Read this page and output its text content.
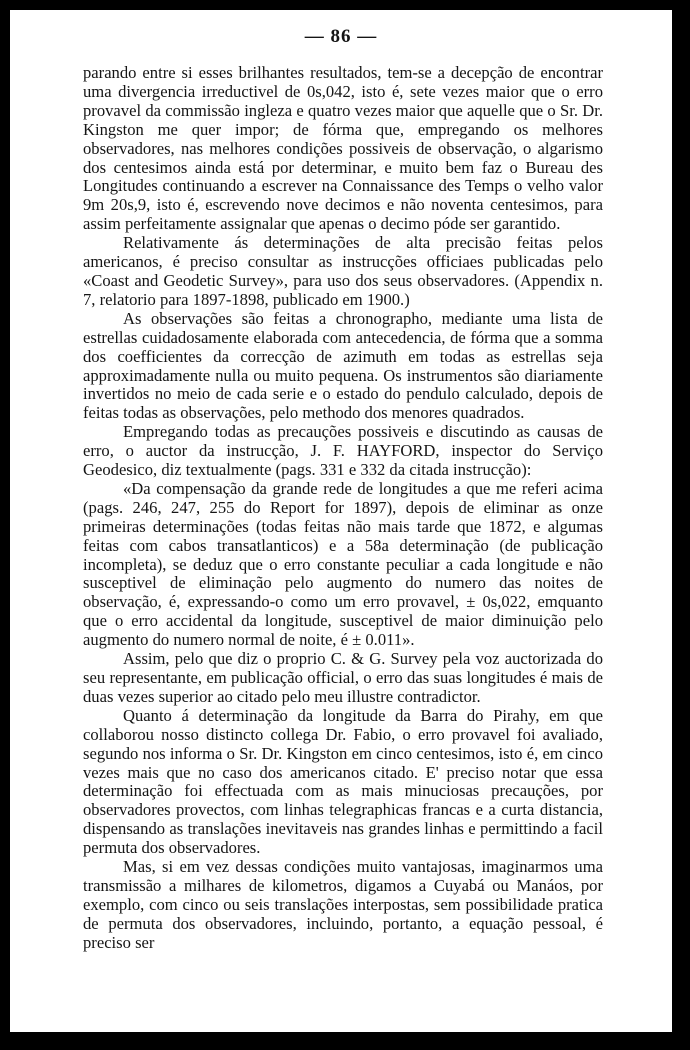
— 86 —

parando entre si esses brilhantes resultados, tem-se a decepção de encontrar uma divergencia irreductivel de 0s,042, isto é, sete vezes maior que o erro provavel da commissão ingleza e quatro vezes maior que aquelle que o Sr. Dr. Kingston me quer impor; de fórma que, empregando os melhores observadores, nas melhores condições possiveis de observação, o algarismo dos centesimos ainda está por determinar, e muito bem faz o Bureau des Longitudes continuando a escrever na Connaissance des Temps o velho valor 9m 20s,9, isto é, escrevendo nove decimos e não noventa centesimos, para assim perfeitamente assignalar que apenas o decimo póde ser garantido.

Relativamente ás determinações de alta precisão feitas pelos americanos, é preciso consultar as instrucções officiaes publicadas pelo «Coast and Geodetic Survey», para uso dos seus observadores. (Appendix n. 7, relatorio para 1897-1898, publicado em 1900.)

As observações são feitas a chronographo, mediante uma lista de estrellas cuidadosamente elaborada com antecedencia, de fórma que a somma dos coefficientes da correcção de azimuth em todas as estrellas seja approximadamente nulla ou muito pequena. Os instrumentos são diariamente invertidos no meio de cada serie e o estado do pendulo calculado, depois de feitas todas as observações, pelo methodo dos menores quadrados.

Empregando todas as precauções possiveis e discutindo as causas de erro, o auctor da instrucção, J. F. HAYFORD, inspector do Serviço Geodesico, diz textualmente (pags. 331 e 332 da citada instrucção):

«Da compensação da grande rede de longitudes a que me referi acima (pags. 246, 247, 255 do Report for 1897), depois de eliminar as onze primeiras determinações (todas feitas não mais tarde que 1872, e algumas feitas com cabos transatlanticos) e a 58a determinação (de publicação incompleta), se deduz que o erro constante peculiar a cada longitude e não susceptivel de eliminação pelo augmento do numero das noites de observação, é, expressando-o como um erro provavel, ± 0s,022, emquanto que o erro accidental da longitude, susceptivel de maior diminuição pelo augmento do numero normal de noite, é ± 0.011».

Assim, pelo que diz o proprio C. & G. Survey pela voz auctorizada do seu representante, em publicação official, o erro das suas longitudes é mais de duas vezes superior ao citado pelo meu illustre contradictor.

Quanto á determinação da longitude da Barra do Pirahy, em que collaborou nosso distincto collega Dr. Fabio, o erro provavel foi avaliado, segundo nos informa o Sr. Dr. Kingston em cinco centesimos, isto é, em cinco vezes mais que no caso dos americanos citado. E' preciso notar que essa determinação foi effectuada com as mais minuciosas precauções, por observadores provectos, com linhas telegraphicas francas e a curta distancia, dispensando as translações inevitaveis nas grandes linhas e permittindo a facil permuta dos observadores.

Mas, si em vez dessas condições muito vantajosas, imaginarmos uma transmissão a milhares de kilometros, digamos a Cuyabá ou Manáos, por exemplo, com cinco ou seis translações interpostas, sem possibilidade pratica de permuta dos observadores, incluindo, portanto, a equação pessoal, é preciso ser
